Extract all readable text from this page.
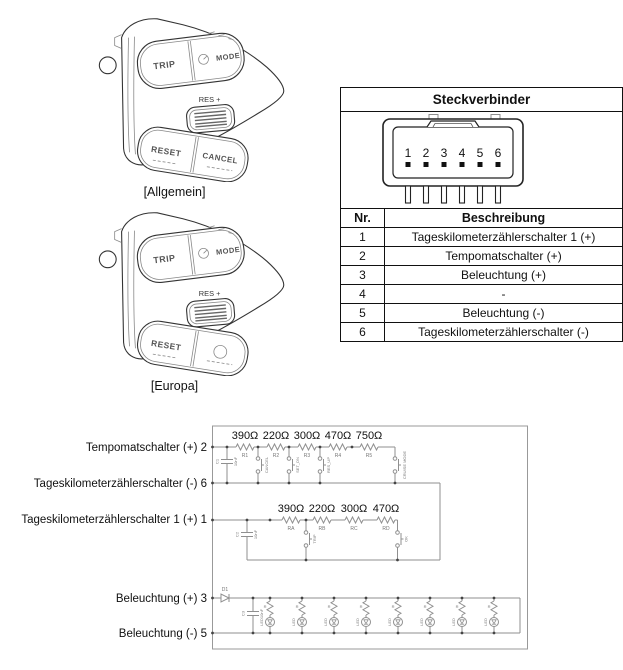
TRIP
MODE
RES +
RESET CANCEL
[Allgemein]
TRIP
MODE
RES +
RESET
[Europa]
Steckverbinder
1 2 3 4 5 6
Nr.	Beschreibung
1	Tageskilometerzählerschalter 1 (+)
2	Tempomatschalter (+)
3	Beleuchtung (+)
4	-
5	Beleuchtung (-)
6	Tageskilometerzählerschalter (-)
Tempomatschalter (+) 2
Tageskilometerzählerschalter (-) 6
Tageskilometerzählerschalter 1 (+) 1
Beleuchtung (+) 3
Beleuchtung (-) 5
390Ω 220Ω 300Ω 470Ω 750Ω
R1	R2	R3	R4	R5
C1	10nF	CANCEL	SET_DN	RES_UP	CRUISE MODE
390Ω 220Ω 300Ω 470Ω
RA	RB	RC	RD
C2	10nF	TRIP	OK
D1
C3	10nF
R
LED
R
LED
R
LED
R
LED
R
LED
R
LED
R
LED
R
LED
